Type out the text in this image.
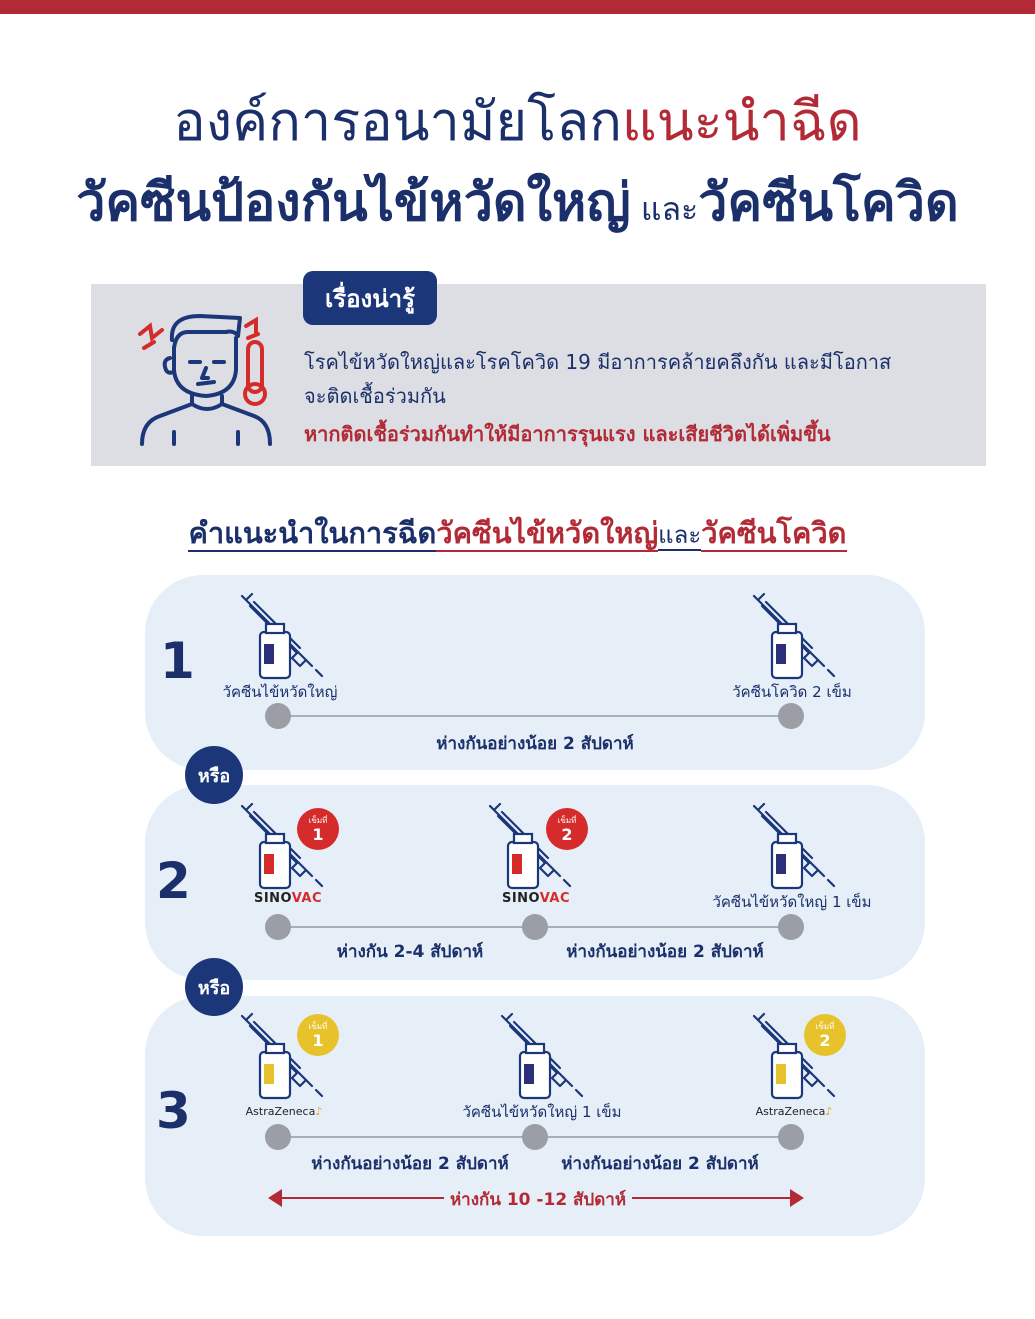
องค์การอนามัยโลกแนะนำฉีด
วัคซีนป้องกันไข้หวัดใหญ่ และวัคซีนโควิด
เรื่องน่ารู้
โรคไข้หวัดใหญ่และโรคโควิด 19 มีอาการคล้ายคลึงกัน และมีโอกาส
จะติดเชื้อร่วมกัน
หากติดเชื้อร่วมกันทำให้มีอาการรุนแรง และเสียชีวิตได้เพิ่มขึ้น
คำแนะนำในการฉีดวัคซีนไข้หวัดใหญ่และวัคซีนโควิด
หรือ
หรือ
1
วัคซีนไข้หวัดใหญ่	วัคซีนโควิด 2 เข็ม
ห่างกันอย่างน้อย 2 สัปดาห์
2
เข็มที่
1
SINOVAC
เข็มที่
2
SINOVAC	วัคซีนไข้หวัดใหญ่ 1 เข็ม
ห่างกัน 2-4 สัปดาห์	ห่างกันอย่างน้อย 2 สัปดาห์
3
เข็มที่
1
AstraZeneca♪	วัคซีนไข้หวัดใหญ่ 1 เข็ม
เข็มที่
2
AstraZeneca♪
ห่างกันอย่างน้อย 2 สัปดาห์	ห่างกันอย่างน้อย 2 สัปดาห์
ห่างกัน 10 -12 สัปดาห์
